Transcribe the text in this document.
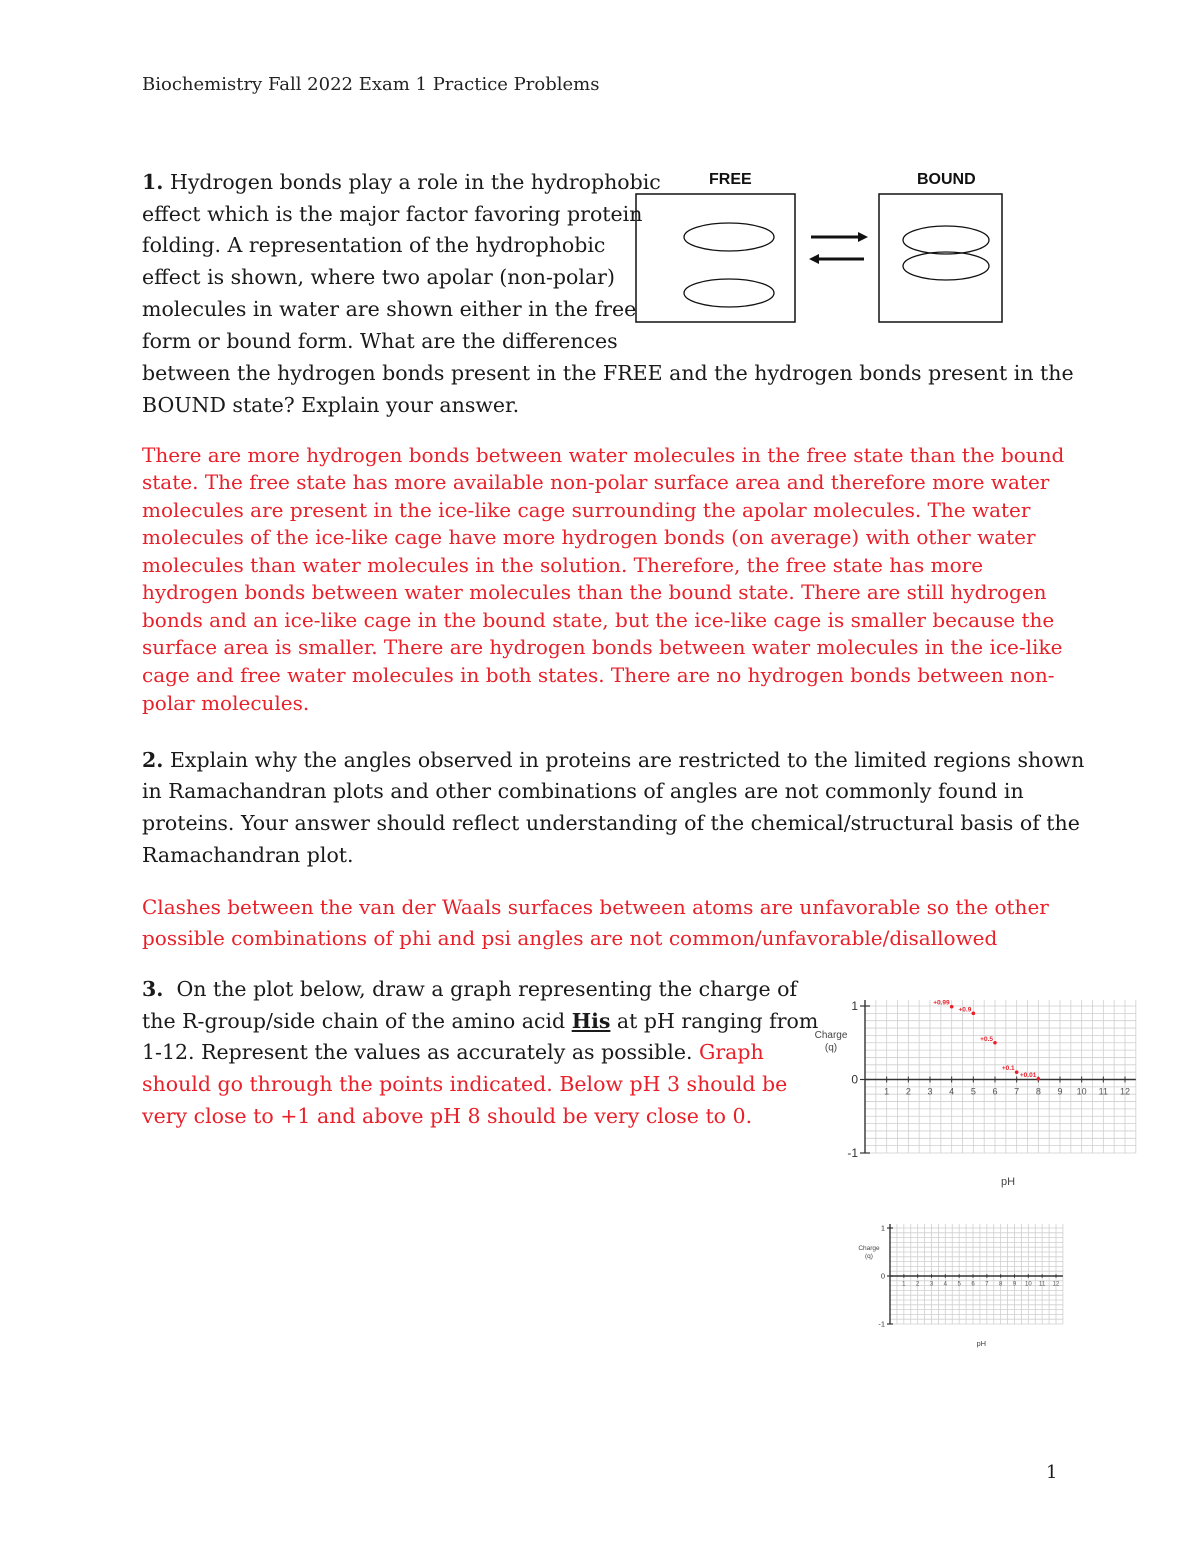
Biochemistry Fall 2022 Exam 1 Practice Problems
1. Hydrogen bonds play a role in the hydrophobic
effect which is the major factor favoring protein
folding. A representation of the hydrophobic
effect is shown, where two apolar (non-polar)
molecules in water are shown either in the free
form or bound form. What are the differences
between the hydrogen bonds present in the FREE and the hydrogen bonds present in the
BOUND state? Explain your answer.
FREE	BOUND
There are more hydrogen bonds between water molecules in the free state than the bound
state. The free state has more available non-polar surface area and therefore more water
molecules are present in the ice-like cage surrounding the apolar molecules. The water
molecules of the ice-like cage have more hydrogen bonds (on average) with other water
molecules than water molecules in the solution. Therefore, the free state has more
hydrogen bonds between water molecules than the bound state. There are still hydrogen
bonds and an ice-like cage in the bound state, but the ice-like cage is smaller because the
surface area is smaller. There are hydrogen bonds between water molecules in the ice-like
cage and free water molecules in both states. There are no hydrogen bonds between non-
polar molecules.
2. Explain why the angles observed in proteins are restricted to the limited regions shown
in Ramachandran plots and other combinations of angles are not commonly found in
proteins. Your answer should reflect understanding of the chemical/structural basis of the
Ramachandran plot.
Clashes between the van der Waals surfaces between atoms are unfavorable so the other
possible combinations of phi and psi angles are not common/unfavorable/disallowed
3. On the plot below, draw a graph representing the charge of
the R-group/side chain of the amino acid His at pH ranging from
1-12. Represent the values as accurately as possible. Graph
should go through the points indicated. Below pH 3 should be
very close to +1 and above pH 8 should be very close to 0.
1
0
-1
1 2 3 4 5 6 7 8 9 10 11 12
Charge
(q)
pH
+0.99
+0.9
+0.5
+0.1
+0.01
1
0
-1
1 2 3 4 5 6 7 8 9 10 11 12
Charge
(q)
pH
1
